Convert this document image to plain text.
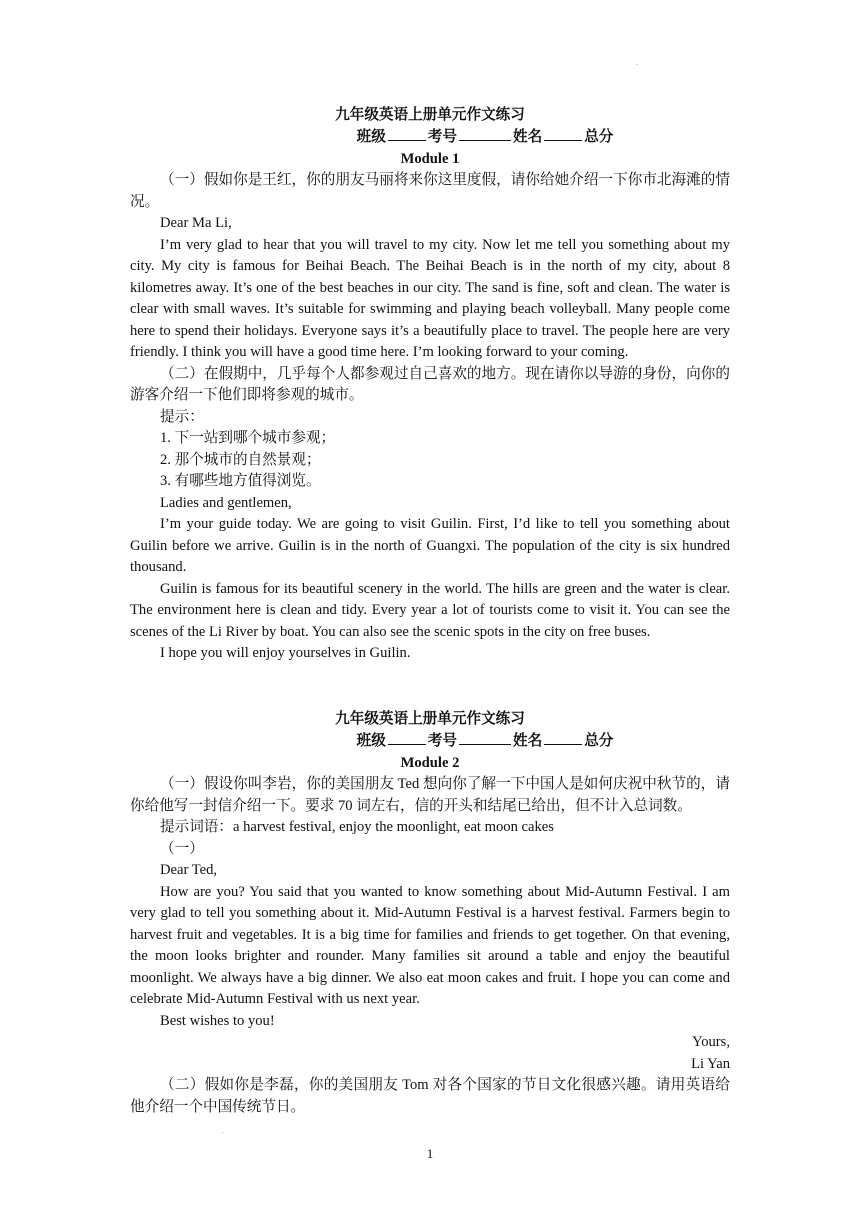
.
九年级英语上册单元作文练习
班级	考号	姓名	总分
Module 1

（一）假如你是王红，你的朋友马丽将来你这里度假，请你给她介绍一下你市北海滩的情况。

Dear Ma Li,

I’m very glad to hear that you will travel to my city. Now let me tell you something about my city. My city is famous for Beihai Beach. The Beihai Beach is in the north of my city, about 8 kilometres away. It’s one of the best beaches in our city. The sand is fine, soft and clean. The water is clear with small waves. It’s suitable for swimming and playing beach volleyball. Many people come here to spend their holidays. Everyone says it’s a beautifully place to travel. The people here are very friendly. I think you will have a good time here. I’m looking forward to your coming.

（二）在假期中，几乎每个人都参观过自己喜欢的地方。现在请你以导游的身份，向你的游客介绍一下他们即将参观的城市。

提示：

1. 下一站到哪个城市参观；

2. 那个城市的自然景观；

3. 有哪些地方值得浏览。

Ladies and gentlemen,

I’m your guide today. We are going to visit Guilin. First, I’d like to tell you something about Guilin before we arrive. Guilin is in the north of Guangxi. The population of the city is six hundred thousand.

Guilin is famous for its beautiful scenery in the world. The hills are green and the water is clear. The environment here is clean and tidy. Every year a lot of tourists come to visit it. You can see the scenes of the Li River by boat. You can also see the scenic spots in the city on free buses.

I hope you will enjoy yourselves in Guilin.

九年级英语上册单元作文练习
班级	考号	姓名	总分
Module 2

（一）假设你叫李岩，你的美国朋友 Ted 想向你了解一下中国人是如何庆祝中秋节的，请你给他写一封信介绍一下。要求 70 词左右，信的开头和结尾已给出，但不计入总词数。

提示词语：a harvest festival, enjoy the moonlight, eat moon cakes

（一）

Dear Ted,

How are you? You said that you wanted to know something about Mid-Autumn Festival. I am very glad to tell you something about it. Mid-Autumn Festival is a harvest festival. Farmers begin to harvest fruit and vegetables. It is a big time for families and friends to get together. On that evening, the moon looks brighter and rounder. Many families sit around a table and enjoy the beautiful moonlight. We always have a big dinner. We also eat moon cakes and fruit. I hope you can come and celebrate Mid-Autumn Festival with us next year.

Best wishes to you!

Yours,

Li Yan

（二）假如你是李磊，你的美国朋友 Tom 对各个国家的节日文化很感兴趣。请用英语给他介绍一个中国传统节日。

.
1
